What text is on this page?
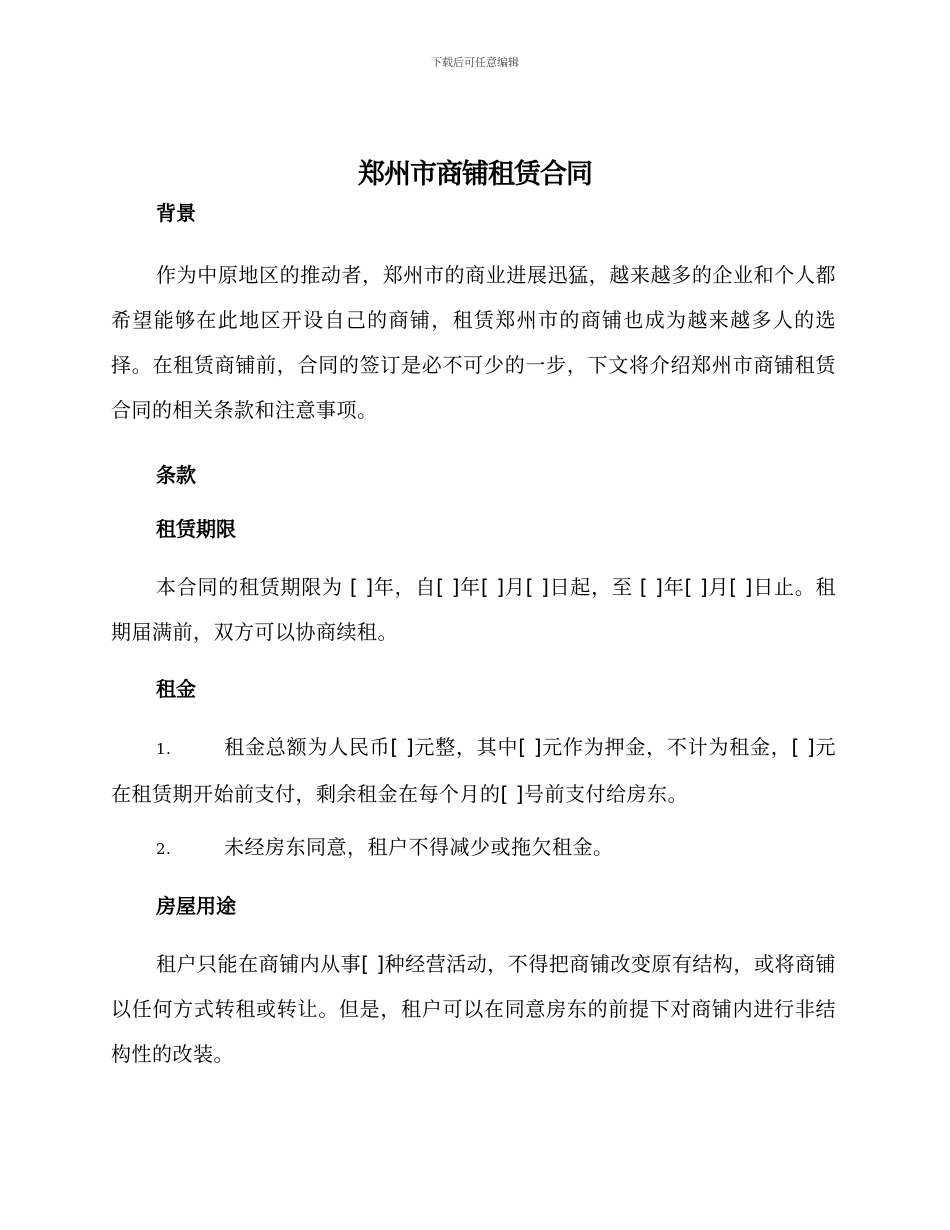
下载后可任意编辑
郑州市商铺租赁合同

背景

作为中原地区的推动者，郑州市的商业进展迅猛，越来越多的企业和个人都希望能够在此地区开设自己的商铺，租赁郑州市的商铺也成为越来越多人的选择。在租赁商铺前，合同的签订是必不可少的一步，下文将介绍郑州市商铺租赁合同的相关条款和注意事项。

条款

租赁期限

本合同的租赁期限为 [ ]年，自[ ]年[ ]月[ ]日起，至 [ ]年[ ]月[ ]日止。租期届满前，双方可以协商续租。

租金

1.	租金总额为人民币[ ]元整，其中[ ]元作为押金，不计为租金，[ ]元在租赁期开始前支付，剩余租金在每个月的[ ]号前支付给房东。

2.	未经房东同意，租户不得减少或拖欠租金。

房屋用途

租户只能在商铺内从事[ ]种经营活动，不得把商铺改变原有结构，或将商铺以任何方式转租或转让。但是，租户可以在同意房东的前提下对商铺内进行非结构性的改装。
